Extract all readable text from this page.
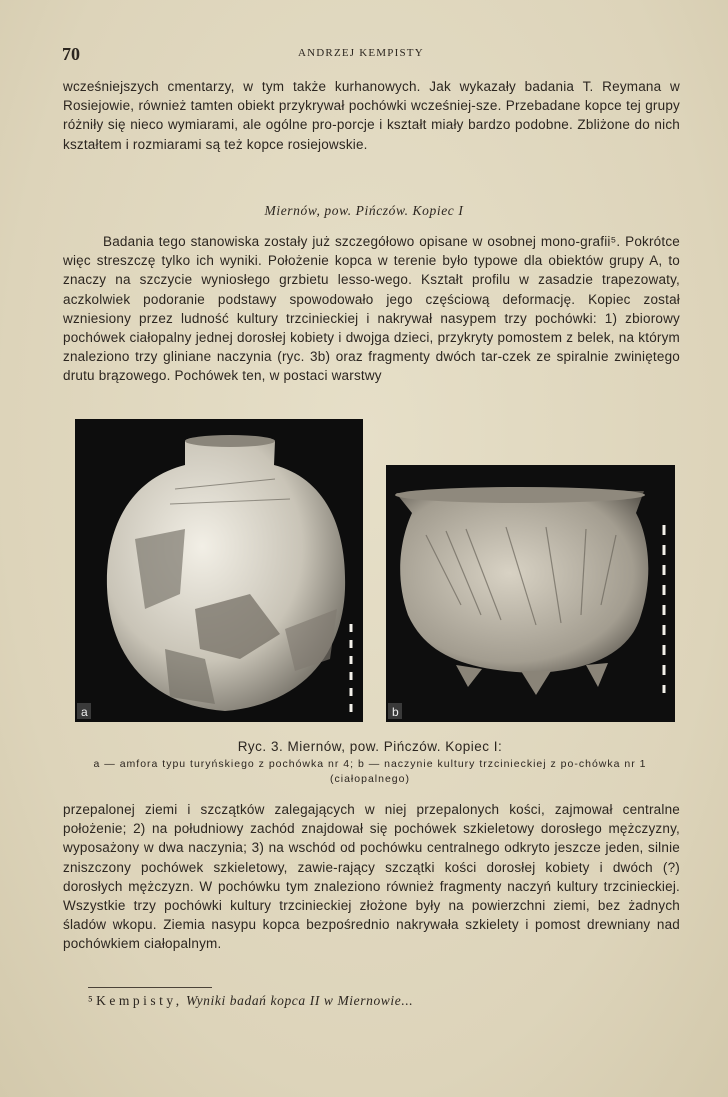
70	ANDRZEJ KEMPISTY

wcześniejszych cmentarzy, w tym także kurhanowych. Jak wykazały badania T. Reymana w Rosiejowie, również tamten obiekt przykrywał pochówki wcześniej-sze. Przebadane kopce tej grupy różniły się nieco wymiarami, ale ogólne pro-porcje i kształt miały bardzo podobne. Zbliżone do nich kształtem i rozmiarami są też kopce rosiejowskie.

Miernów, pow. Pińczów. Kopiec I

Badania tego stanowiska zostały już szczegółowo opisane w osobnej mono-grafii⁵. Pokrótce więc streszczę tylko ich wyniki. Położenie kopca w terenie było typowe dla obiektów grupy A, to znaczy na szczycie wyniosłego grzbietu lesso-wego. Kształt profilu w zasadzie trapezowaty, aczkolwiek podoranie podstawy spowodowało jego częściową deformację. Kopiec został wzniesiony przez ludność kultury trzcinieckiej i nakrywał nasypem trzy pochówki: 1) zbiorowy pochówek ciałopalny jednej dorosłej kobiety i dwojga dzieci, przykryty pomostem z belek, na którym znaleziono trzy gliniane naczynia (ryc. 3b) oraz fragmenty dwóch tar-czek ze spiralnie zwiniętego drutu brązowego. Pochówek ten, w postaci warstwy

a	b
Ryc. 3. Miernów, pow. Pińczów. Kopiec I:
a — amfora typu turyńskiego z pochówka nr 4; b — naczynie kultury trzcinieckiej z po-chówka nr 1 (ciałopalnego)

przepalonej ziemi i szczątków zalegających w niej przepalonych kości, zajmował centralne położenie; 2) na południowy zachód znajdował się pochówek szkieletowy dorosłego mężczyzny, wyposażony w dwa naczynia; 3) na wschód od pochówku centralnego odkryto jeszcze jeden, silnie zniszczony pochówek szkieletowy, zawie-rający szczątki kości dorosłej kobiety i dwóch (?) dorosłych mężczyzn. W pochówku tym znaleziono również fragmenty naczyń kultury trzcinieckiej. Wszystkie trzy pochówki kultury trzcinieckiej złożone były na powierzchni ziemi, bez żadnych śladów wkopu. Ziemia nasypu kopca bezpośrednio nakrywała szkielety i pomost drewniany nad pochówkiem ciałopalnym.

⁵ Kempisty, Wyniki badań kopca II w Miernowie...
